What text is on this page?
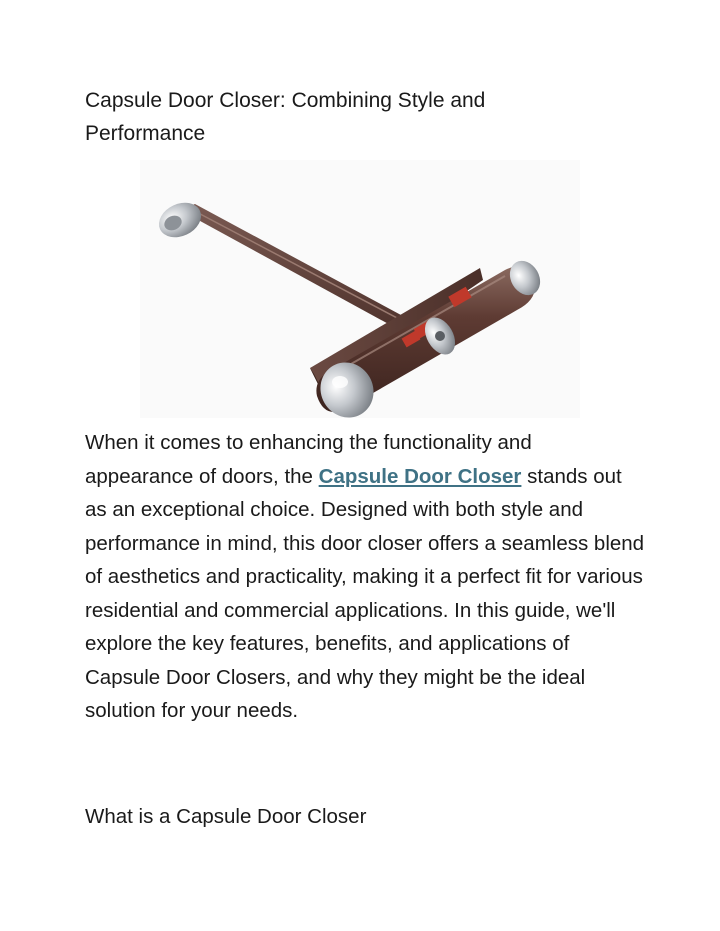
Capsule Door Closer: Combining Style and Performance

When it comes to enhancing the functionality and appearance of doors, the Capsule Door Closer stands out as an exceptional choice. Designed with both style and performance in mind, this door closer offers a seamless blend of aesthetics and practicality, making it a perfect fit for various residential and commercial applications. In this guide, we'll explore the key features, benefits, and applications of Capsule Door Closers, and why they might be the ideal solution for your needs.

What is a Capsule Door Closer
